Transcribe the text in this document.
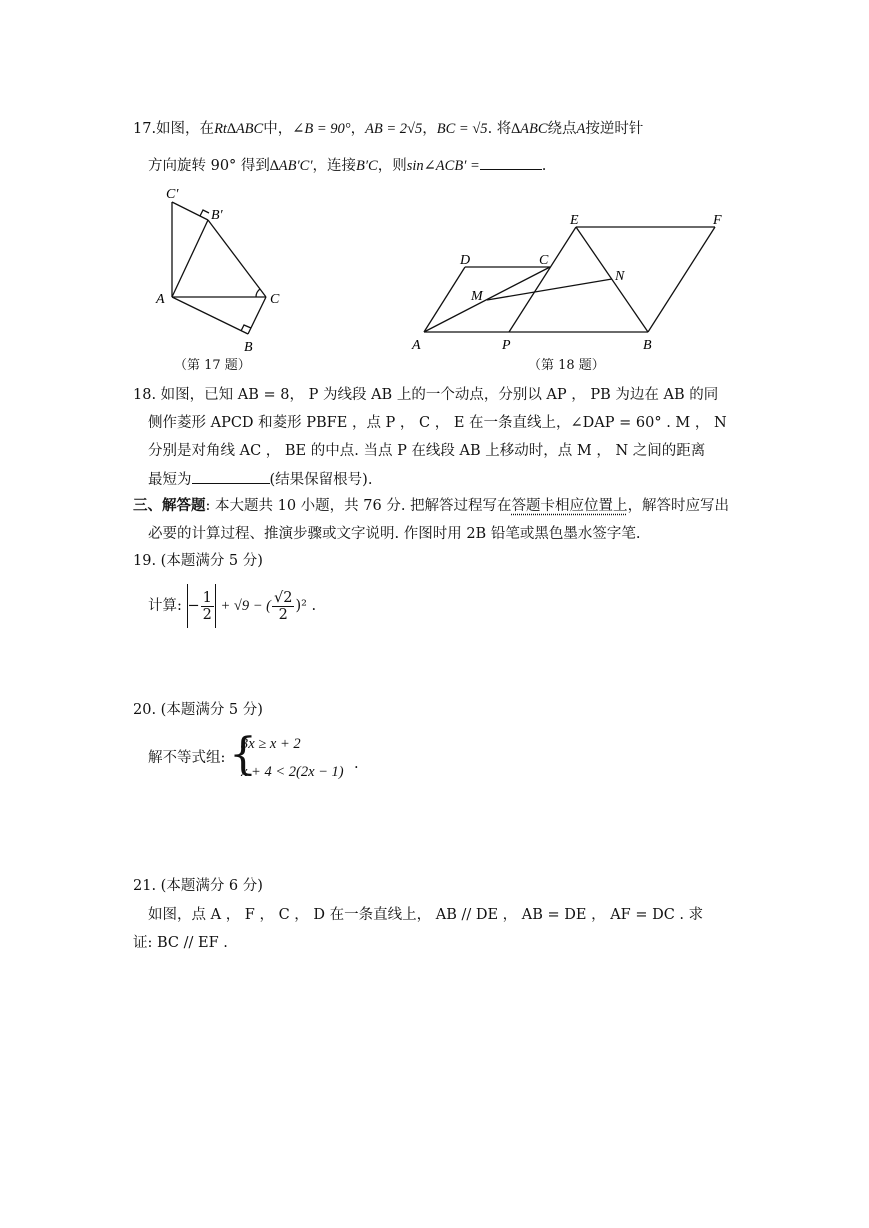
17.如图，在Rt∆ABC中，∠B = 90°，AB = 2√5，BC = √5. 将∆ABC绕点A按逆时针
方向旋转 90° 得到∆AB′C′，连接B′C，则sin∠ACB′ =	.
C′
B′
A	C
B
（第 17 题）
E	F
D	C
N
M
A	P	B
（第 18 题）
18. 如图，已知 AB = 8， P 为线段 AB 上的一个动点，分别以 AP ， PB 为边在 AB 的同
侧作菱形 APCD 和菱形 PBFE ，点 P ， C ， E 在一条直线上，∠DAP = 60° . M ， N
分别是对角线 AC ， BE 的中点. 当点 P 在线段 AB 上移动时，点 M ， N 之间的距离
最短为	(结果保留根号).
三、解答题: 本大题共 10 小题，共 76 分. 把解答过程写在答题卡相应位置上，解答时应写出
必要的计算过程、推演步骤或文字说明. 作图时用 2B 铅笔或黑色墨水签字笔.
19. (本题满分 5 分)
计算: − $\frac{1}{2} + √9$ − ( $\frac{√2}{2} )^2$ .
20. (本题满分 5 分)
解不等式组: {
3x ≥ x + 2
x + 4 < 2(2x − 1) .
21. (本题满分 6 分)
如图，点 A ， F ， C ， D 在一条直线上， AB // DE ， AB = DE ， AF = DC . 求
证: BC // EF .
